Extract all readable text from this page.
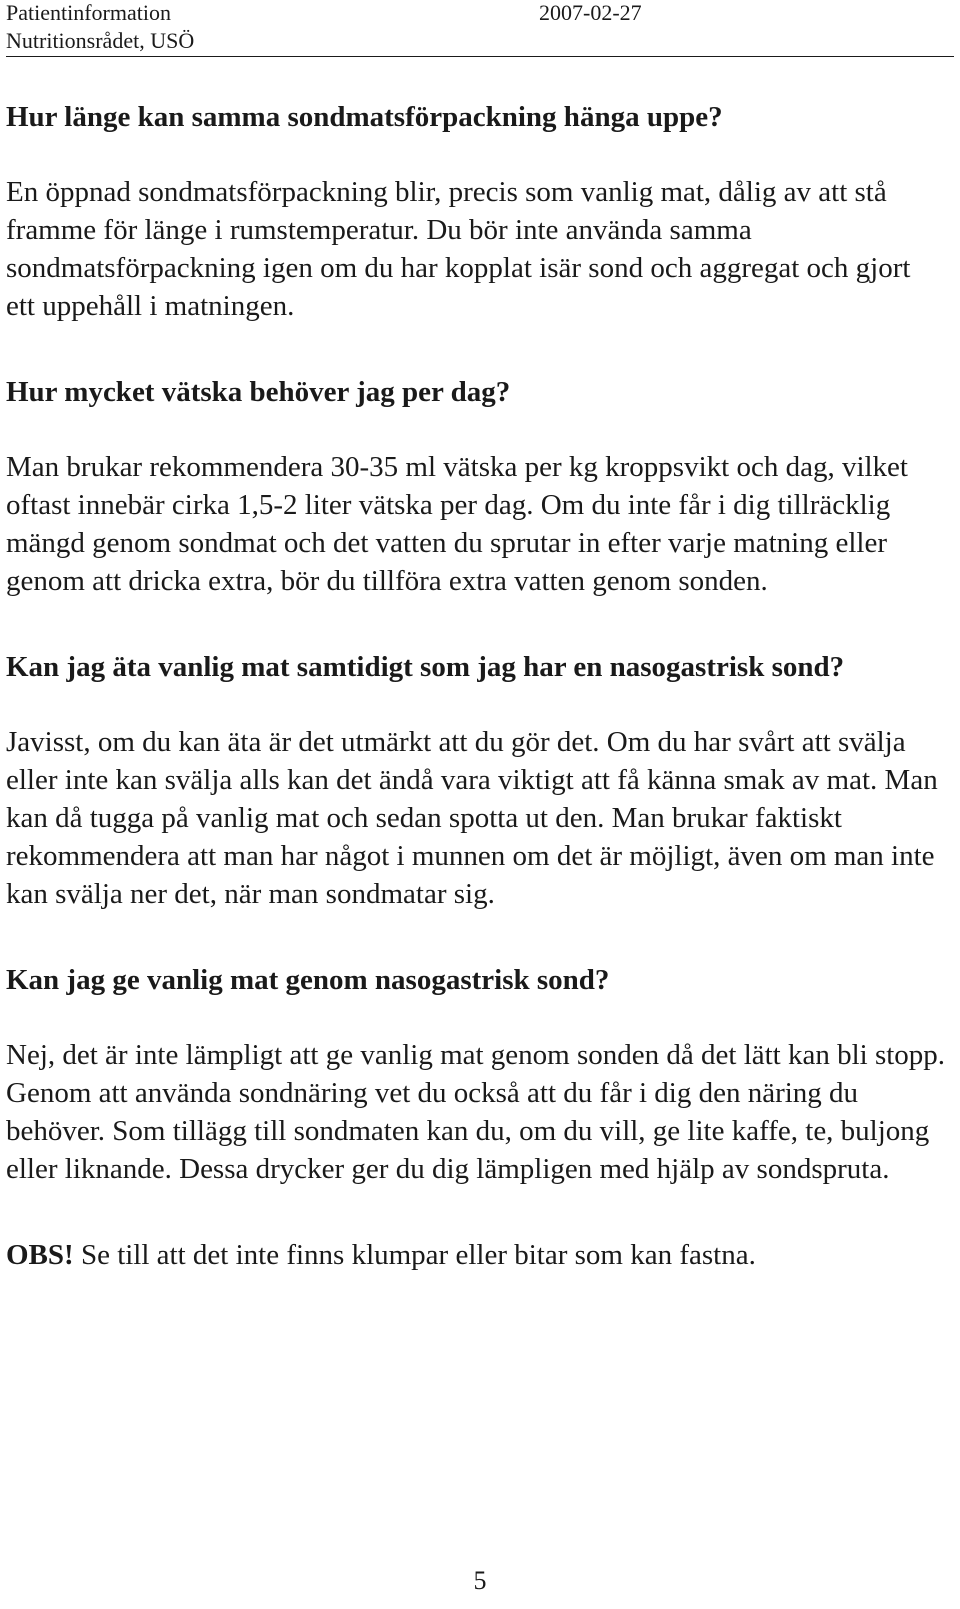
Patientinformation
Nutritionsrådet, USÖ
2007-02-27
Hur länge kan samma sondmatsförpackning hänga uppe?

En öppnad sondmatsförpackning blir, precis som vanlig mat, dålig av att stå framme för länge i rumstemperatur. Du bör inte använda samma sondmatsförpackning igen om du har kopplat isär sond och aggregat och gjort ett uppehåll i matningen.

Hur mycket vätska behöver jag per dag?

Man brukar rekommendera 30-35 ml vätska per kg kroppsvikt och dag, vilket oftast innebär cirka 1,5-2 liter vätska per dag. Om du inte får i dig tillräcklig mängd genom sondmat och det vatten du sprutar in efter varje matning eller genom att dricka extra, bör du tillföra extra vatten genom sonden.

Kan jag äta vanlig mat samtidigt som jag har en nasogastrisk sond?

Javisst, om du kan äta är det utmärkt att du gör det. Om du har svårt att svälja eller inte kan svälja alls kan det ändå vara viktigt att få känna smak av mat. Man kan då tugga på vanlig mat och sedan spotta ut den. Man brukar faktiskt rekommendera att man har något i munnen om det är möjligt, även om man inte kan svälja ner det, när man sondmatar sig.

Kan jag ge vanlig mat genom nasogastrisk sond?

Nej, det är inte lämpligt att ge vanlig mat genom sonden då det lätt kan bli stopp. Genom att använda sondnäring vet du också att du får i dig den näring du behöver. Som tillägg till sondmaten kan du, om du vill, ge lite kaffe, te, buljong eller liknande. Dessa drycker ger du dig lämpligen med hjälp av sondspruta.

OBS! Se till att det inte finns klumpar eller bitar som kan fastna.

5
